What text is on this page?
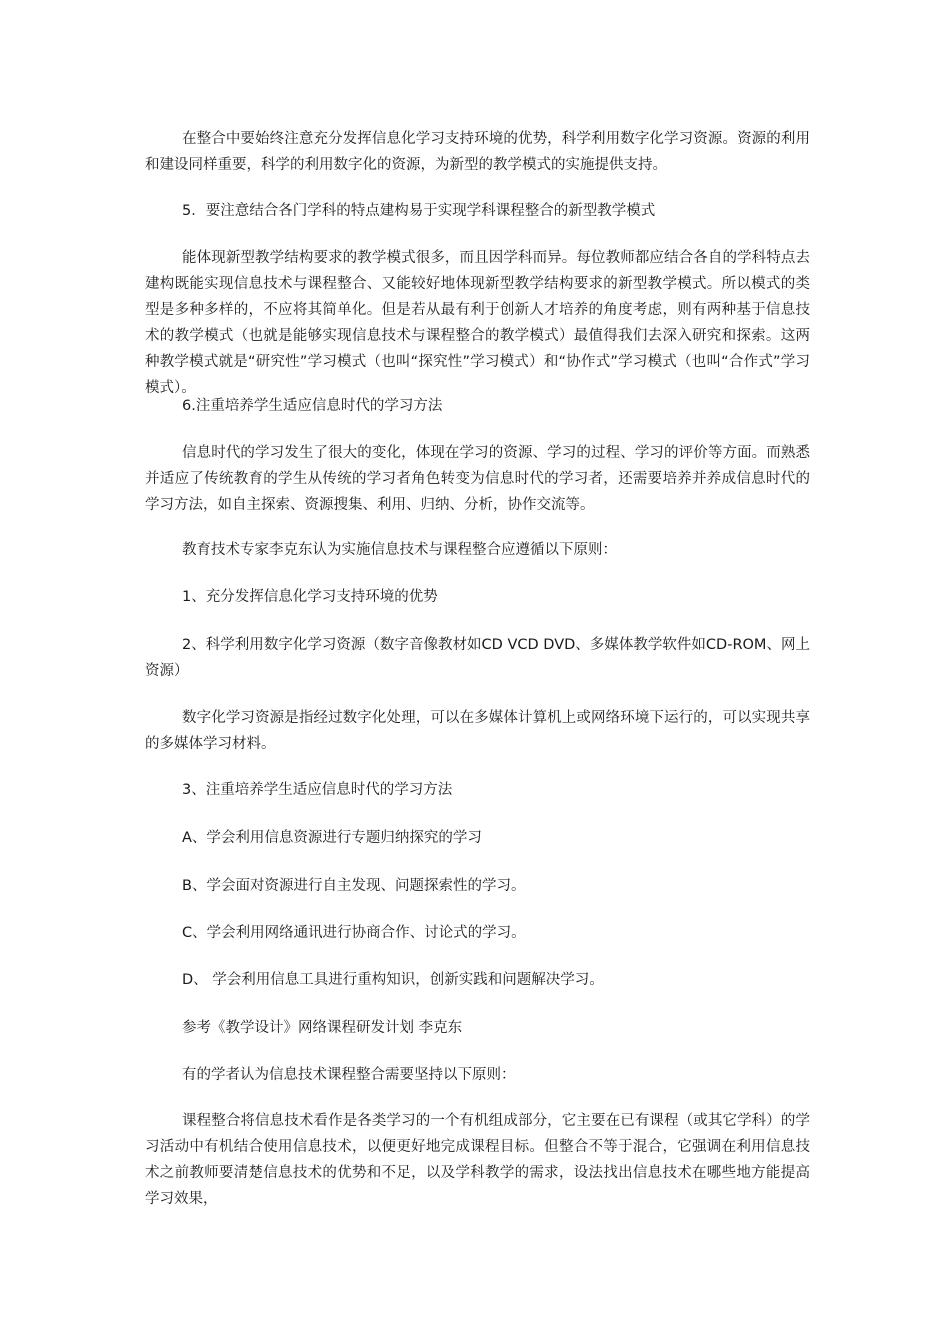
在整合中要始终注意充分发挥信息化学习支持环境的优势，科学利用数字化学习资源。资源的利用和建设同样重要，科学的利用数字化的资源，为新型的教学模式的实施提供支持。

5．要注意结合各门学科的特点建构易于实现学科课程整合的新型教学模式

能体现新型教学结构要求的教学模式很多，而且因学科而异。每位教师都应结合各自的学科特点去建构既能实现信息技术与课程整合、又能较好地体现新型教学结构要求的新型教学模式。所以模式的类型是多种多样的，不应将其简单化。但是若从最有利于创新人才培养的角度考虑，则有两种基于信息技术的教学模式（也就是能够实现信息技术与课程整合的教学模式）最值得我们去深入研究和探索。这两种教学模式就是“研究性”学习模式（也叫“探究性”学习模式）和“协作式”学习模式（也叫“合作式”学习模式）。

6.注重培养学生适应信息时代的学习方法

信息时代的学习发生了很大的变化，体现在学习的资源、学习的过程、学习的评价等方面。而熟悉并适应了传统教育的学生从传统的学习者角色转变为信息时代的学习者，还需要培养并养成信息时代的学习方法，如自主探索、资源搜集、利用、归纳、分析，协作交流等。

教育技术专家李克东认为实施信息技术与课程整合应遵循以下原则：

1、充分发挥信息化学习支持环境的优势

2、科学利用数字化学习资源（数字音像教材如CD VCD DVD、多媒体教学软件如CD-ROM、网上资源）

数字化学习资源是指经过数字化处理，可以在多媒体计算机上或网络环境下运行的，可以实现共享的多媒体学习材料。

3、注重培养学生适应信息时代的学习方法

A、学会利用信息资源进行专题归纳探究的学习

B、学会面对资源进行自主发现、问题探索性的学习。

C、学会利用网络通讯进行协商合作、讨论式的学习。

D、 学会利用信息工具进行重构知识，创新实践和问题解决学习。

参考《教学设计》网络课程研发计划 李克东

有的学者认为信息技术课程整合需要坚持以下原则：

课程整合将信息技术看作是各类学习的一个有机组成部分，它主要在已有课程（或其它学科）的学习活动中有机结合使用信息技术，以便更好地完成课程目标。但整合不等于混合，它强调在利用信息技术之前教师要清楚信息技术的优势和不足，以及学科教学的需求，设法找出信息技术在哪些地方能提高学习效果，
